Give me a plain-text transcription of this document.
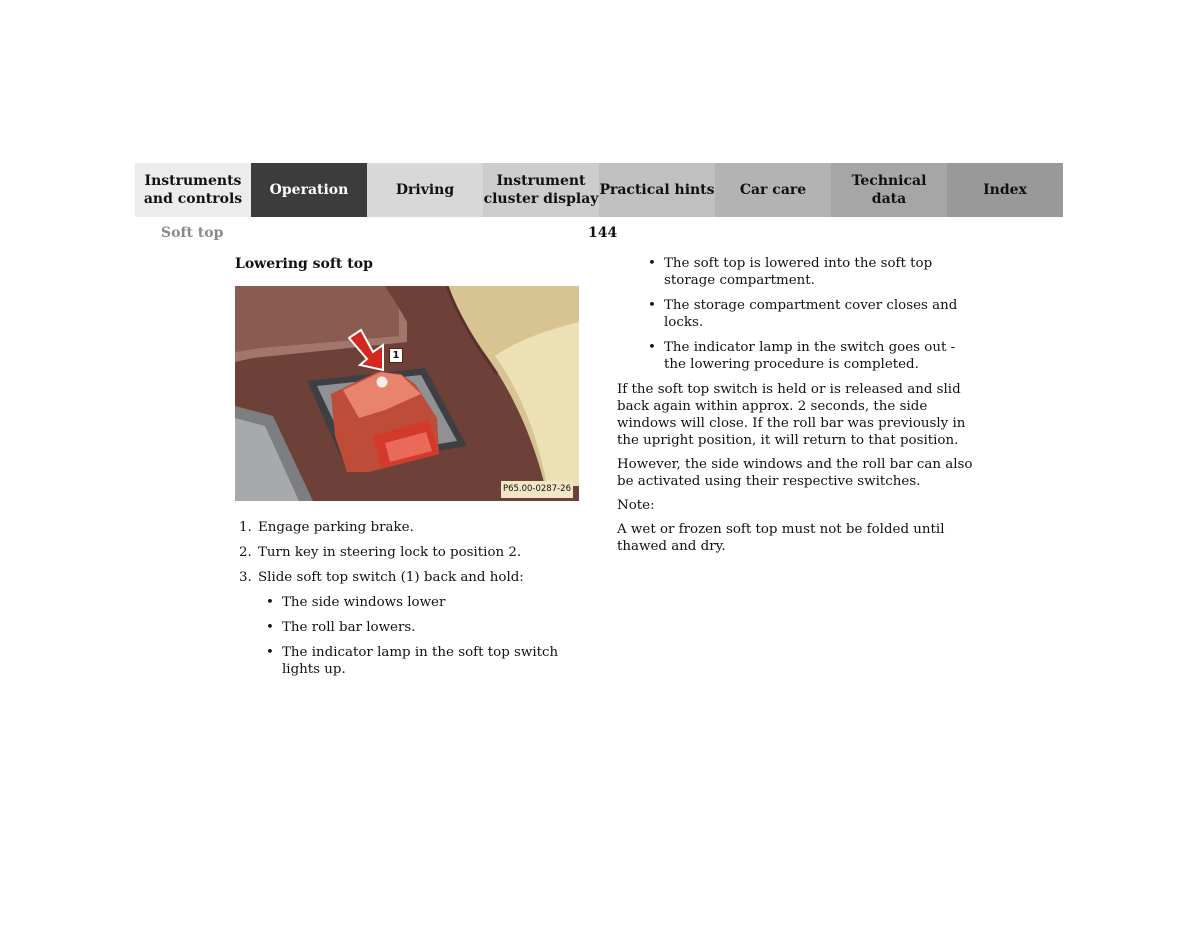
Instruments
and controls
Operation	Driving
Instrument
cluster display
Practical hints	Car care
Technical
data
Index
Soft top	144
Lowering soft top
1
P65.00-0287-26
1. Engage parking brake.
2. Turn key in steering lock to position 2.
3. Slide soft top switch (1) back and hold:
• The side windows lower
• The roll bar lowers.
• The indicator lamp in the soft top switch lights up.
• The soft top is lowered into the soft top storage compartment.
• The storage compartment cover closes and locks.
• The indicator lamp in the switch goes out - the lowering procedure is completed.

If the soft top switch is held or is released and slid back again within approx. 2 seconds, the side windows will close. If the roll bar was previously in the upright position, it will return to that position.

However, the side windows and the roll bar can also be activated using their respective switches.

Note:

A wet or frozen soft top must not be folded until thawed and dry.
